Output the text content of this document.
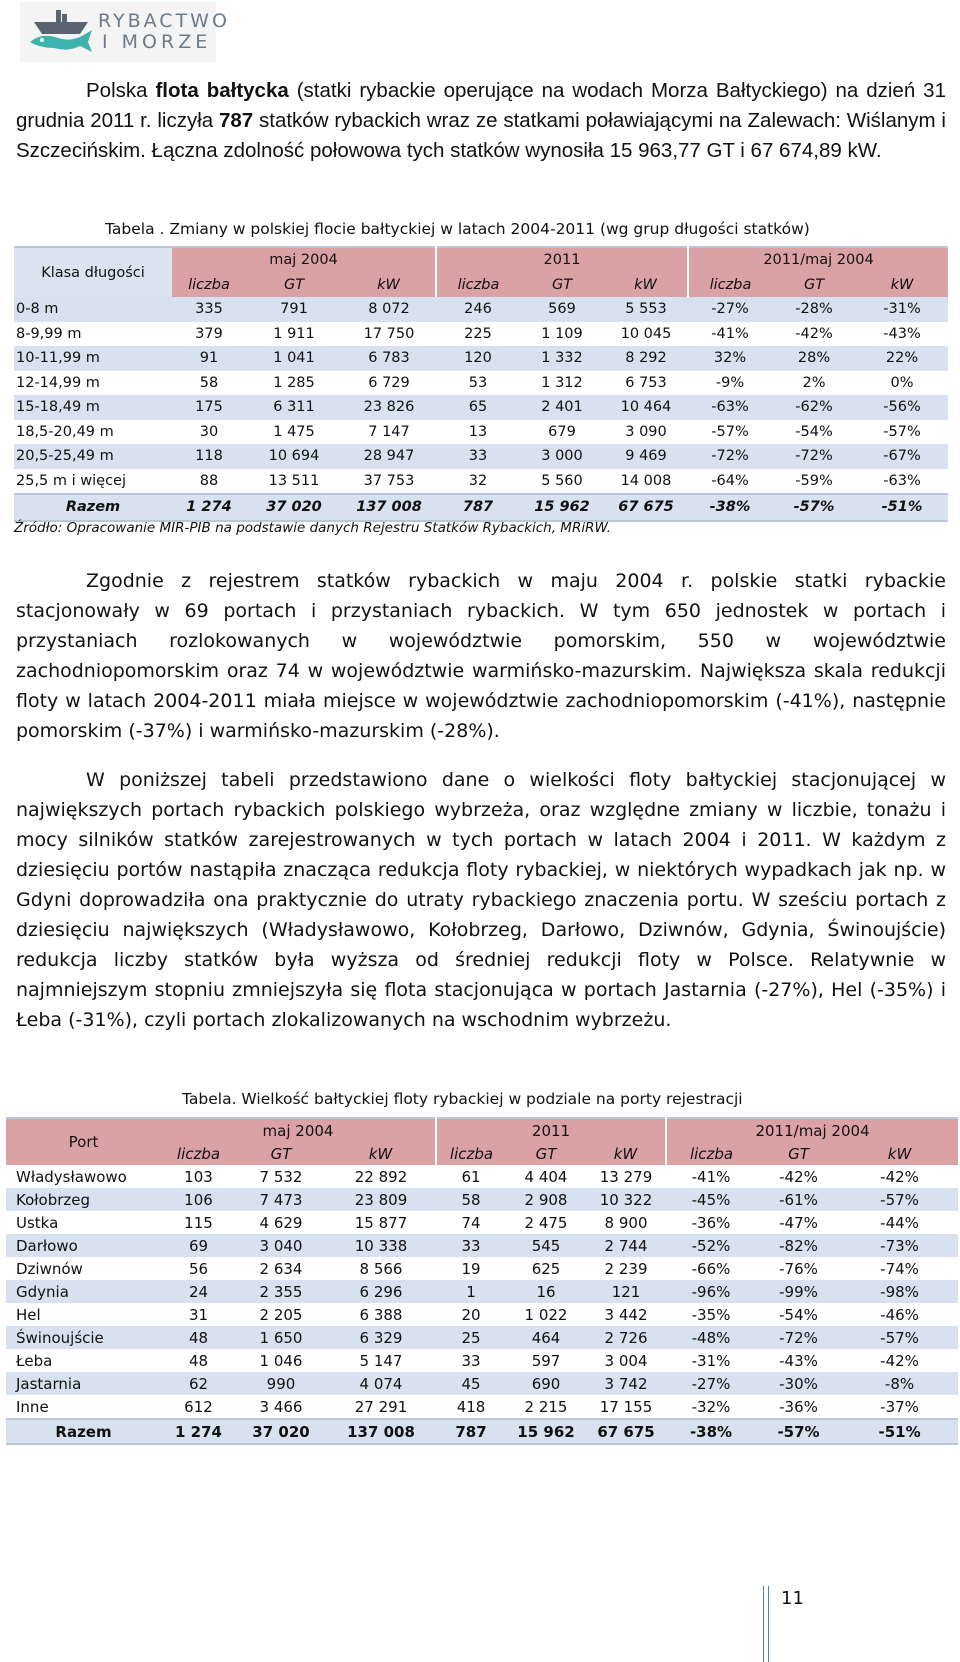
RYBACTWO
I MORZE

Polska flota bałtycka (statki rybackie operujące na wodach Morza Bałtyckiego) na dzień 31 grudnia 2011 r. liczyła 787 statków rybackich wraz ze statkami poławiającymi na Zalewach: Wiślanym i Szczecińskim. Łączna zdolność połowowa tych statków wynosiła 15 963,77 GT i 67 674,89 kW.

Tabela . Zmiany w polskiej flocie bałtyckiej w latach 2004-2011 (wg grup długości statków)
Klasa długości	maj 2004			2011			2011/maj 2004		
	liczba	GT	kW	liczba	GT	kW	liczba	GT	kW
0-8 m	335	791	8 072	246	569	5 553	-27%	-28%	-31%
8-9,99 m	379	1 911	17 750	225	1 109	10 045	-41%	-42%	-43%
10-11,99 m	91	1 041	6 783	120	1 332	8 292	32%	28%	22%
12-14,99 m	58	1 285	6 729	53	1 312	6 753	-9%	2%	0%
15-18,49 m	175	6 311	23 826	65	2 401	10 464	-63%	-62%	-56%
18,5-20,49 m	30	1 475	7 147	13	679	3 090	-57%	-54%	-57%
20,5-25,49 m	118	10 694	28 947	33	3 000	9 469	-72%	-72%	-67%
25,5 m i więcej	88	13 511	37 753	32	5 560	14 008	-64%	-59%	-63%
Razem	1 274	37 020	137 008	787	15 962	67 675	-38%	-57%	-51%
Źródło: Opracowanie MIR-PIB na podstawie danych Rejestru Statków Rybackich, MRiRW.

Zgodnie z rejestrem statków rybackich w maju 2004 r. polskie statki rybackie stacjonowały w 69 portach i przystaniach rybackich. W tym 650 jednostek w portach i przystaniach rozlokowanych w województwie pomorskim, 550 w województwie zachodniopomorskim oraz 74 w województwie warmińsko-mazurskim. Największa skala redukcji floty w latach 2004-2011 miała miejsce w województwie zachodniopomorskim (-41%), następnie pomorskim (-37%) i warmińsko-mazurskim (-28%).

W poniższej tabeli przedstawiono dane o wielkości floty bałtyckiej stacjonującej w największych portach rybackich polskiego wybrzeża, oraz względne zmiany w liczbie, tonażu i mocy silników statków zarejestrowanych w tych portach w latach 2004 i 2011. W każdym z dziesięciu portów nastąpiła znacząca redukcja floty rybackiej, w niektórych wypadkach jak np. w Gdyni doprowadziła ona praktycznie do utraty rybackiego znaczenia portu. W sześciu portach z dziesięciu największych (Władysławowo, Kołobrzeg, Darłowo, Dziwnów, Gdynia, Świnoujście) redukcja liczby statków była wyższa od średniej redukcji floty w Polsce. Relatywnie w najmniejszym stopniu zmniejszyła się flota stacjonująca w portach Jastarnia (-27%), Hel (-35%) i Łeba (-31%), czyli portach zlokalizowanych na wschodnim wybrzeżu.

Tabela. Wielkość bałtyckiej floty rybackiej w podziale na porty rejestracji
Port	maj 2004			2011			2011/maj 2004		
	liczba	GT	kW	liczba	GT	kW	liczba	GT	kW
Władysławowo	103	7 532	22 892	61	4 404	13 279	-41%	-42%	-42%
Kołobrzeg	106	7 473	23 809	58	2 908	10 322	-45%	-61%	-57%
Ustka	115	4 629	15 877	74	2 475	8 900	-36%	-47%	-44%
Darłowo	69	3 040	10 338	33	545	2 744	-52%	-82%	-73%
Dziwnów	56	2 634	8 566	19	625	2 239	-66%	-76%	-74%
Gdynia	24	2 355	6 296	1	16	121	-96%	-99%	-98%
Hel	31	2 205	6 388	20	1 022	3 442	-35%	-54%	-46%
Świnoujście	48	1 650	6 329	25	464	2 726	-48%	-72%	-57%
Łeba	48	1 046	5 147	33	597	3 004	-31%	-43%	-42%
Jastarnia	62	990	4 074	45	690	3 742	-27%	-30%	-8%
Inne	612	3 466	27 291	418	2 215	17 155	-32%	-36%	-37%
Razem	1 274	37 020	137 008	787	15 962	67 675	-38%	-57%	-51%
11
